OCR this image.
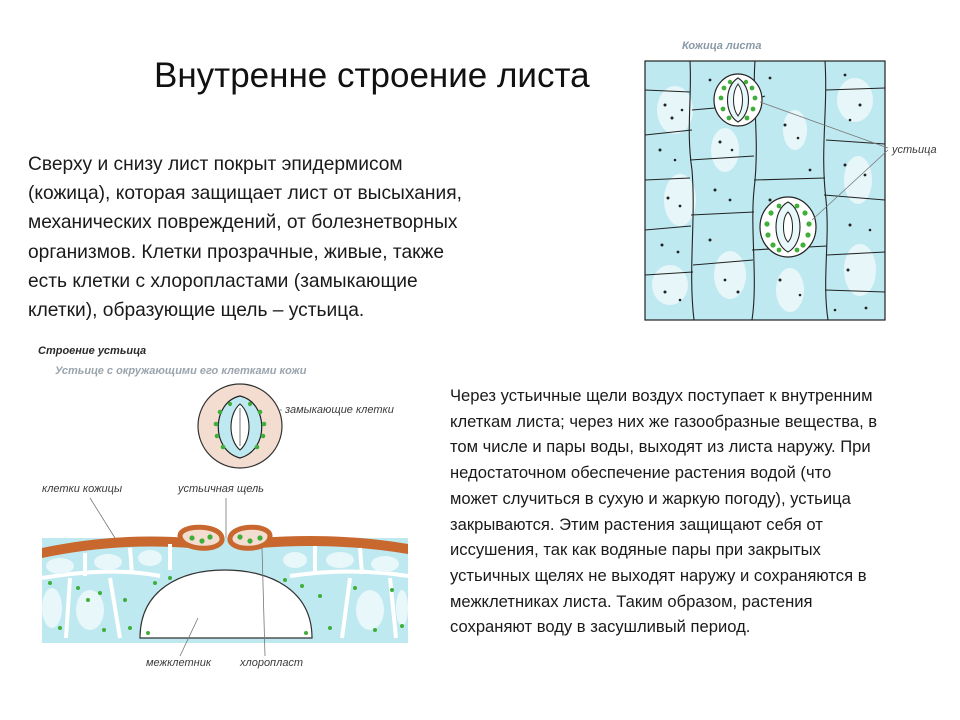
Внутренне строение листа
Сверху и снизу лист покрыт эпидермисом
(кожица), которая защищает лист от высыхания,
механических повреждений, от болезнетворных
организмов. Клетки прозрачные, живые, также
есть клетки с хлоропластами (замыкающие
клетки), образующие щель – устьица.
Через устьичные щели воздух поступает к внутренним
клеткам листа; через них же газообразные вещества, в
том числе и пары воды, выходят из листа наружу. При
недостаточном обеспечение растения водой (что
может случиться в сухую и жаркую погоду), устьица
закрываются. Этим растения защищают себя от
иссушения, так как водяные пары при закрытых
устьичных щелях не выходят наружу и сохраняются в
межклетниках листа. Таким образом, растения
сохраняют воду в засушливый период.
Кожица листа
устьица
Строение устьица
Устьице с окружающими его клетками кожи
замыкающие клетки
клетки кожицы	устьичная щель
межклетник	хлоропласт
